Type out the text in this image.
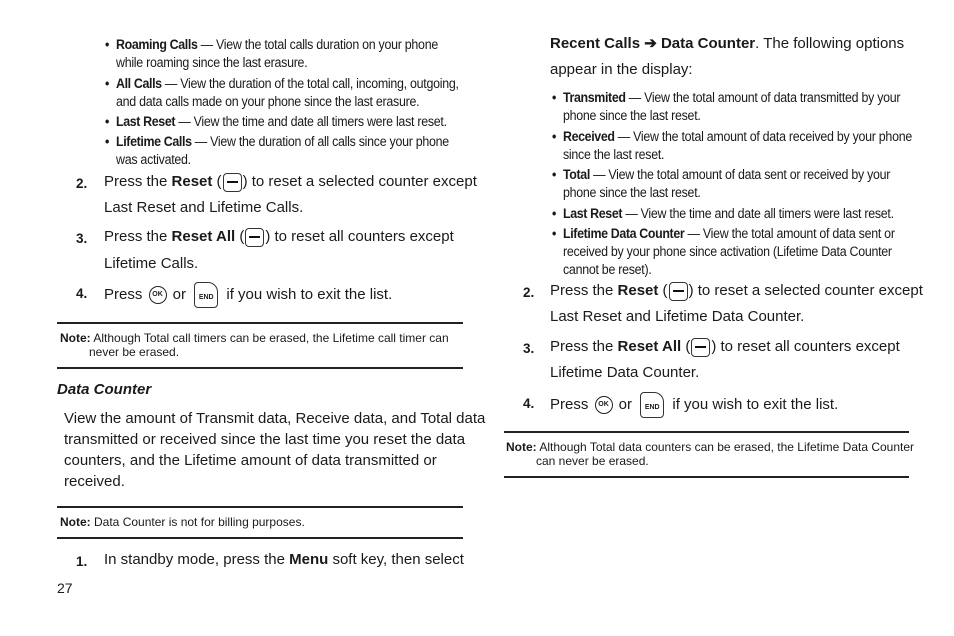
• Roaming Calls — View the total calls duration on your phone
while roaming since the last erasure.
• All Calls — View the duration of the total call, incoming, outgoing,
and data calls made on your phone since the last erasure.
• Last Reset — View the time and date all timers were last reset.
• Lifetime Calls — View the duration of all calls since your phone
was activated.
2. Press the Reset ( ) to reset a selected counter except
Last Reset and Lifetime Calls.
3. Press the Reset All ( ) to reset all counters except
Lifetime Calls.
4. Press OK or END if you wish to exit the list.
Note: Although Total call timers can be erased, the Lifetime call timer can
never be erased.
Data Counter
View the amount of Transmit data, Receive data, and Total data
transmitted or received since the last time you reset the data
counters, and the Lifetime amount of data transmitted or
received.
Note: Data Counter is not for billing purposes.
1. In standby mode, press the Menu soft key, then select
Recent Calls ➔ Data Counter. The following options
appear in the display:
• Transmited — View the total amount of data transmitted by your
phone since the last reset.
• Received — View the total amount of data received by your phone
since the last reset.
• Total — View the total amount of data sent or received by your
phone since the last reset.
• Last Reset — View the time and date all timers were last reset.
• Lifetime Data Counter — View the total amount of data sent or
received by your phone since activation (Lifetime Data Counter
cannot be reset).
2. Press the Reset ( ) to reset a selected counter except
Last Reset and Lifetime Data Counter.
3. Press the Reset All ( ) to reset all counters except
Lifetime Data Counter.
4. Press OK or END if you wish to exit the list.
Note: Although Total data counters can be erased, the Lifetime Data Counter
can never be erased.
27
